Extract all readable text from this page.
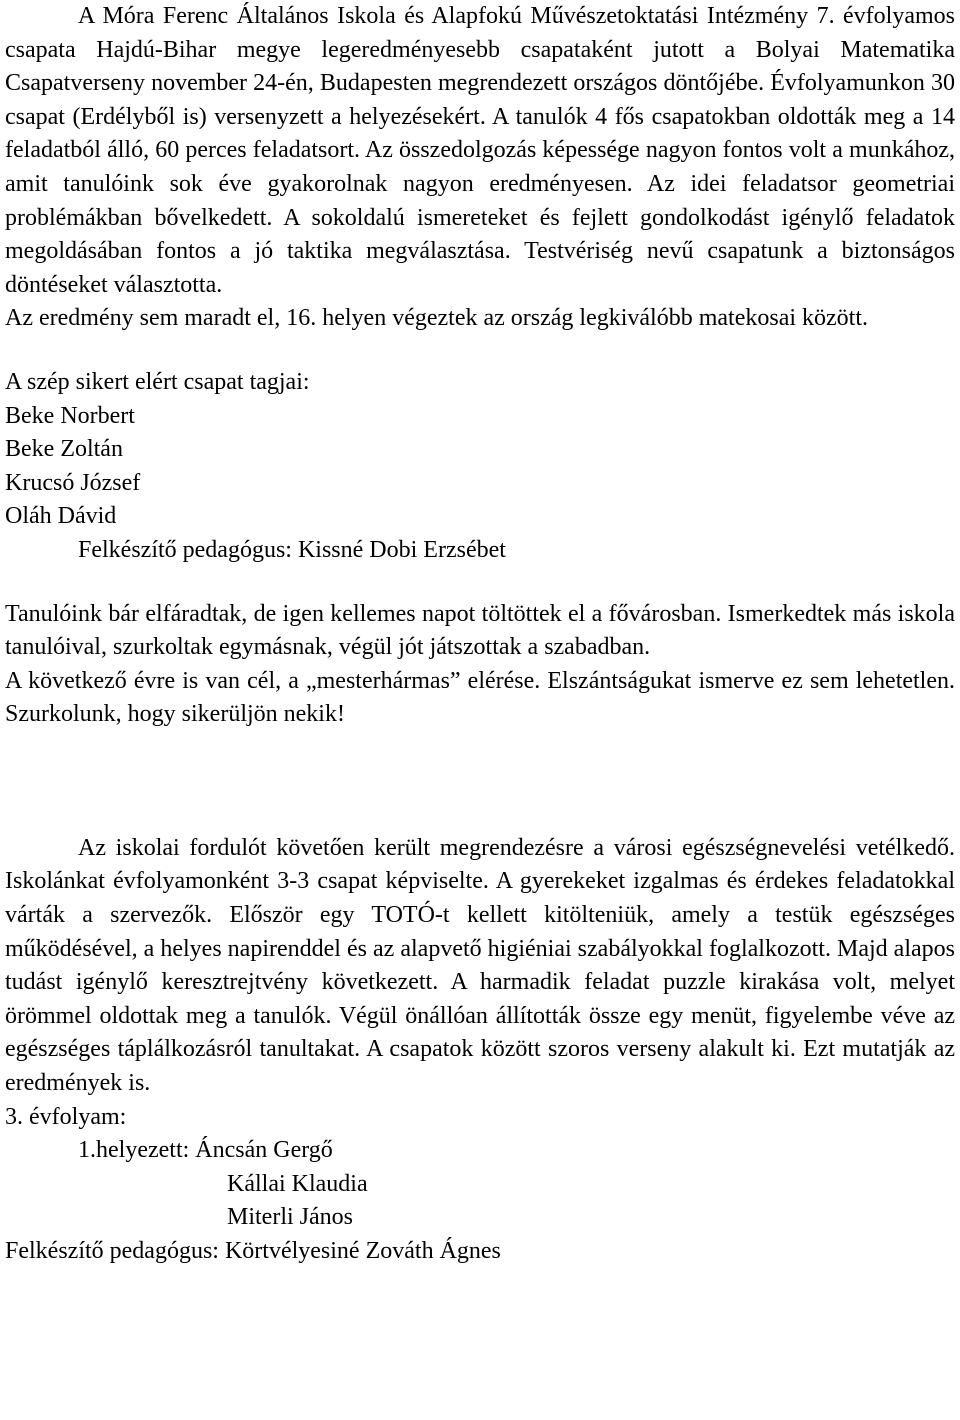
A Móra Ferenc Általános Iskola és Alapfokú Művészetoktatási Intézmény 7. évfolyamos csapata Hajdú-Bihar megye legeredményesebb csapataként jutott a Bolyai Matematika Csapatverseny november 24-én, Budapesten megrendezett országos döntőjébe. Évfolyamunkon 30 csapat (Erdélyből is) versenyzett a helyezésekért. A tanulók 4 fős csapatokban oldották meg a 14 feladatból álló, 60 perces feladatsort. Az összedolgozás képessége nagyon fontos volt a munkához, amit tanulóink sok éve gyakorolnak nagyon eredményesen. Az idei feladatsor geometriai problémákban bővelkedett. A sokoldalú ismereteket és fejlett gondolkodást igénylő feladatok megoldásában fontos a jó taktika megválasztása. Testvériség nevű csapatunk a biztonságos döntéseket választotta.

Az eredmény sem maradt el, 16. helyen végeztek az ország legkiválóbb matekosai között.

A szép sikert elért csapat tagjai:

Beke Norbert

Beke Zoltán

Krucsó József

Oláh Dávid

Felkészítő pedagógus: Kissné Dobi Erzsébet

Tanulóink bár elfáradtak, de igen kellemes napot töltöttek el a fővárosban. Ismerkedtek más iskola tanulóival, szurkoltak egymásnak, végül jót játszottak a szabadban.

A következő évre is van cél, a „mesterhármas” elérése. Elszántságukat ismerve ez sem lehetetlen. Szurkolunk, hogy sikerüljön nekik!

Az iskolai fordulót követően került megrendezésre a városi egészségnevelési vetélkedő. Iskolánkat évfolyamonként 3-3 csapat képviselte. A gyerekeket izgalmas és érdekes feladatokkal várták a szervezők. Először egy TOTÓ-t kellett kitölteniük, amely a testük egészséges működésével, a helyes napirenddel és az alapvető higiéniai szabályokkal foglalkozott. Majd alapos tudást igénylő keresztrejtvény következett. A harmadik feladat puzzle kirakása volt, melyet örömmel oldottak meg a tanulók. Végül önállóan állították össze egy menüt, figyelembe véve az egészséges táplálkozásról tanultakat. A csapatok között szoros verseny alakult ki. Ezt mutatják az eredmények is.

3. évfolyam:

1.helyezett: Áncsán Gergő

Kállai Klaudia

Miterli János

Felkészítő pedagógus: Körtvélyesiné Zováth Ágnes
